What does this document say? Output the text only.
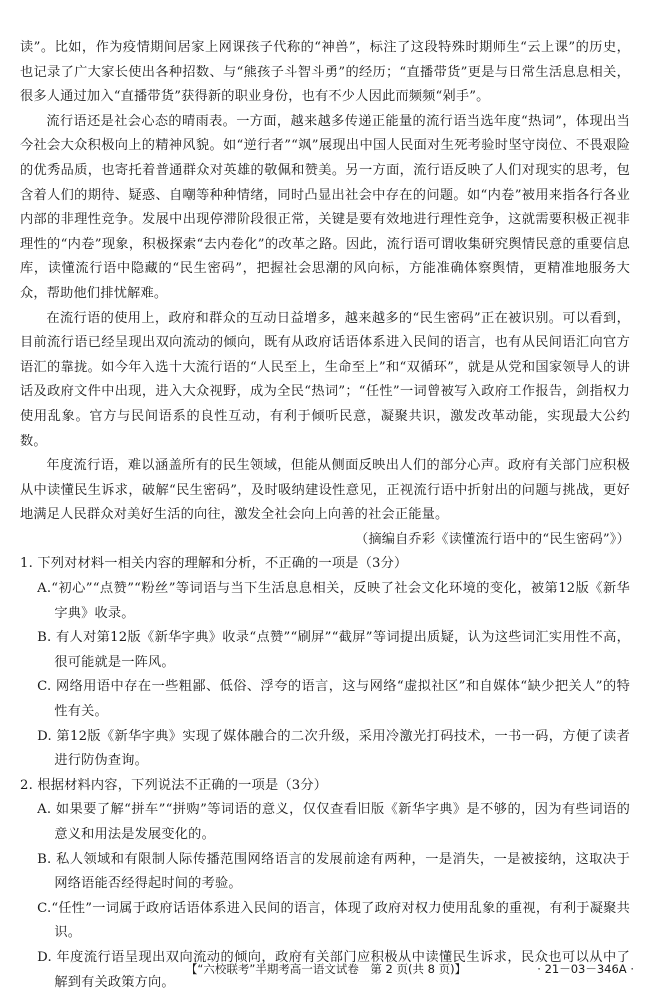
读”。比如，作为疫情期间居家上网课孩子代称的“神兽”，标注了这段特殊时期师生“云上课”的历史，也记录了广大家长使出各种招数、与“熊孩子斗智斗勇”的经历；“直播带货”更是与日常生活息息相关，很多人通过加入“直播带货”获得新的职业身份，也有不少人因此而频频“剁手”。

流行语还是社会心态的晴雨表。一方面，越来越多传递正能量的流行语当选年度“热词”，体现出当今社会大众积极向上的精神风貌。如“逆行者”“飒”展现出中国人民面对生死考验时坚守岗位、不畏艰险的优秀品质，也寄托着普通群众对英雄的敬佩和赞美。另一方面，流行语反映了人们对现实的思考，包含着人们的期待、疑惑、自嘲等种种情绪，同时凸显出社会中存在的问题。如“内卷”被用来指各行各业内部的非理性竞争。发展中出现停滞阶段很正常，关键是要有效地进行理性竞争，这就需要积极正视非理性的“内卷”现象，积极探索“去内卷化”的改革之路。因此，流行语可谓收集研究舆情民意的重要信息库，读懂流行语中隐藏的“民生密码”，把握社会思潮的风向标，方能准确体察舆情，更精准地服务大众，帮助他们排忧解难。

在流行语的使用上，政府和群众的互动日益增多，越来越多的“民生密码”正在被识别。可以看到，目前流行语已经呈现出双向流动的倾向，既有从政府话语体系进入民间的语言，也有从民间语汇向官方语汇的靠拢。如今年入选十大流行语的“人民至上，生命至上”和“双循环”，就是从党和国家领导人的讲话及政府文件中出现，进入大众视野，成为全民“热词”；“任性”一词曾被写入政府工作报告，剑指权力使用乱象。官方与民间语系的良性互动，有利于倾听民意，凝聚共识，激发改革动能，实现最大公约数。

年度流行语，难以涵盖所有的民生领域，但能从侧面反映出人们的部分心声。政府有关部门应积极从中读懂民生诉求，破解“民生密码”，及时吸纳建设性意见，正视流行语中折射出的问题与挑战，更好地满足人民群众对美好生活的向往，激发全社会向上向善的社会正能量。

（摘编自乔彩《读懂流行语中的“民生密码”》）

1. 下列对材料一相关内容的理解和分析，不正确的一项是（3分）

A.“初心”“点赞”“粉丝”等词语与当下生活息息相关，反映了社会文化环境的变化，被第12版《新华字典》收录。

B. 有人对第12版《新华字典》收录“点赞”“刷屏”“截屏”等词提出质疑，认为这些词汇实用性不高，很可能就是一阵风。

C. 网络用语中存在一些粗鄙、低俗、浮夸的语言，这与网络“虚拟社区”和自媒体“缺少把关人”的特性有关。

D. 第12版《新华字典》实现了媒体融合的二次升级，采用冷激光打码技术，一书一码，方便了读者进行防伪查询。

2. 根据材料内容，下列说法不正确的一项是（3分）

A. 如果要了解“拼车”“拼购”等词语的意义，仅仅查看旧版《新华字典》是不够的，因为有些词语的意义和用法是发展变化的。

B. 私人领域和有限制人际传播范围网络语言的发展前途有两种，一是消失，一是被接纳，这取决于网络语能否经得起时间的考验。

C.“任性”一词属于政府话语体系进入民间的语言，体现了政府对权力使用乱象的重视，有利于凝聚共识。

D. 年度流行语呈现出双向流动的倾向，政府有关部门应积极从中读懂民生诉求，民众也可以从中了解到有关政策方向。

【“六校联考”半期考高一语文试卷　第 2 页(共 8 页)】	· 21－03－346A ·
